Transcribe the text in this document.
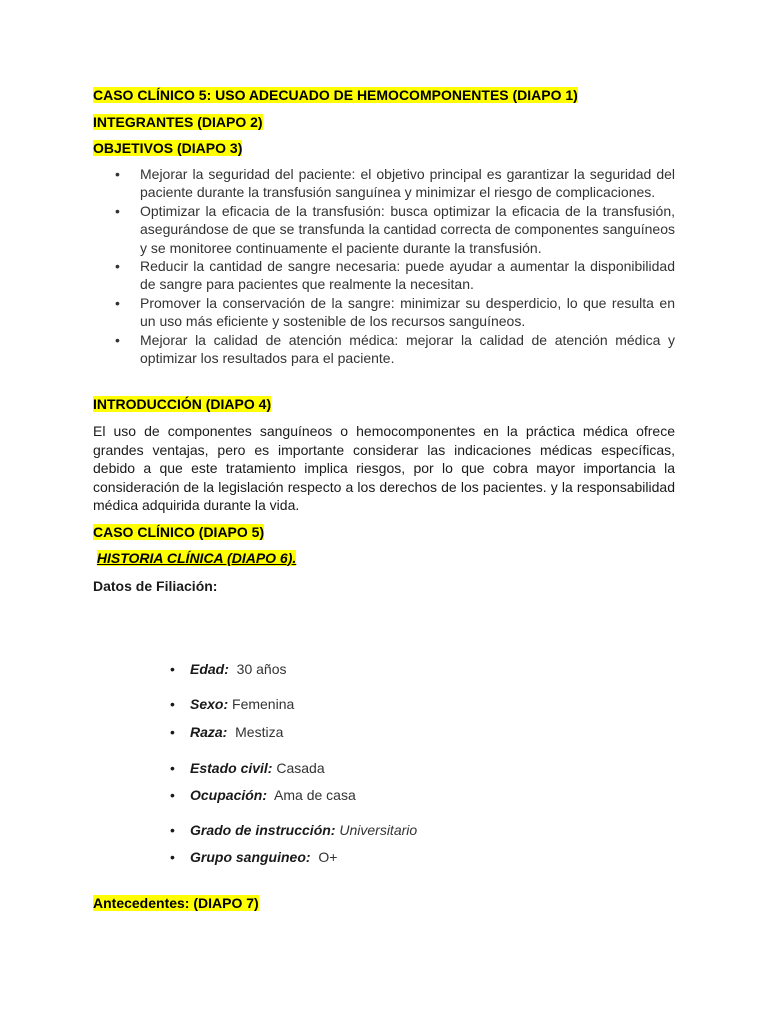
CASO CLÍNICO 5: USO ADECUADO DE HEMOCOMPONENTES (DIAPO 1)

INTEGRANTES (DIAPO 2)

OBJETIVOS (DIAPO 3)

• Mejorar la seguridad del paciente: el objetivo principal es garantizar la seguridad del paciente durante la transfusión sanguínea y minimizar el riesgo de complicaciones.
• Optimizar la eficacia de la transfusión: busca optimizar la eficacia de la transfusión, asegurándose de que se transfunda la cantidad correcta de componentes sanguíneos y se monitoree continuamente el paciente durante la transfusión.
• Reducir la cantidad de sangre necesaria: puede ayudar a aumentar la disponibilidad de sangre para pacientes que realmente la necesitan.
• Promover la conservación de la sangre: minimizar su desperdicio, lo que resulta en un uso más eficiente y sostenible de los recursos sanguíneos.
• Mejorar la calidad de atención médica: mejorar la calidad de atención médica y optimizar los resultados para el paciente.

INTRODUCCIÓN (DIAPO 4)

El uso de componentes sanguíneos o hemocomponentes en la práctica médica ofrece grandes ventajas, pero es importante considerar las indicaciones médicas específicas, debido a que este tratamiento implica riesgos, por lo que cobra mayor importancia la consideración de la legislación respecto a los derechos de los pacientes. y la responsabilidad médica adquirida durante la vida.

CASO CLÍNICO (DIAPO 5)

HISTORIA CLÍNICA (DIAPO 6).

Datos de Filiación:

• Edad: 30 años
• Sexo: Femenina
• Raza: Mestiza
• Estado civil: Casada
• Ocupación: Ama de casa
• Grado de instrucción: Universitario
• Grupo sanguineo: O+

Antecedentes: (DIAPO 7)
